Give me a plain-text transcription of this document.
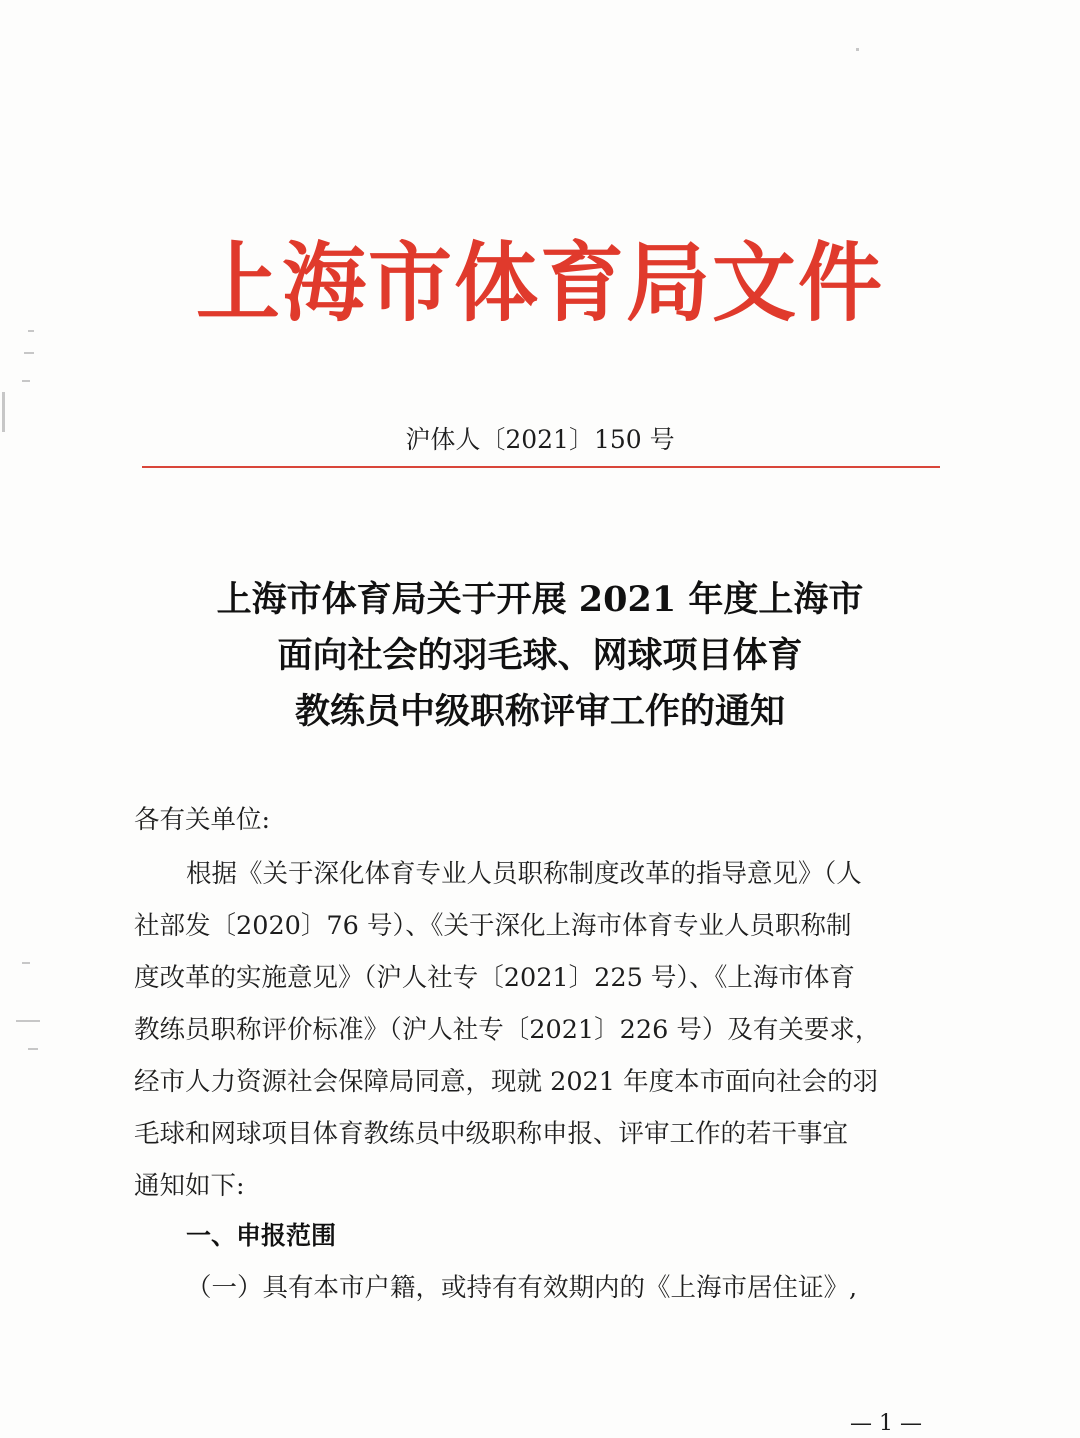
上海市体育局文件
沪体人〔2021〕150 号
上海市体育局关于开展 2021 年度上海市
面向社会的羽毛球、网球项目体育
教练员中级职称评审工作的通知
各有关单位:
根据《关于深化体育专业人员职称制度改革的指导意见》（人
社部发〔2020〕76 号）、《关于深化上海市体育专业人员职称制
度改革的实施意见》（沪人社专〔2021〕225 号）、《上海市体育
教练员职称评价标准》（沪人社专〔2021〕226 号）及有关要求，
经市人力资源社会保障局同意，现就 2021 年度本市面向社会的羽
毛球和网球项目体育教练员中级职称申报、评审工作的若干事宜
通知如下:
一、申报范围
（一）具有本市户籍，或持有有效期内的《上海市居住证》,
— 1 —
